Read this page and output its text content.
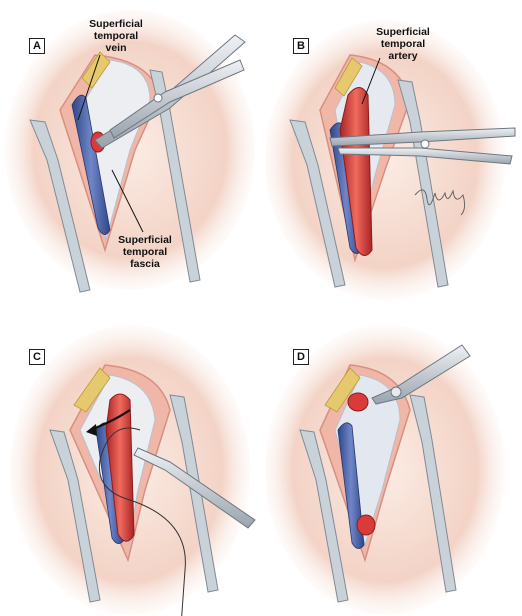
A	B
C	D
Superficial
temporal
vein
Superficial
temporal
fascia
Superficial
temporal
artery
